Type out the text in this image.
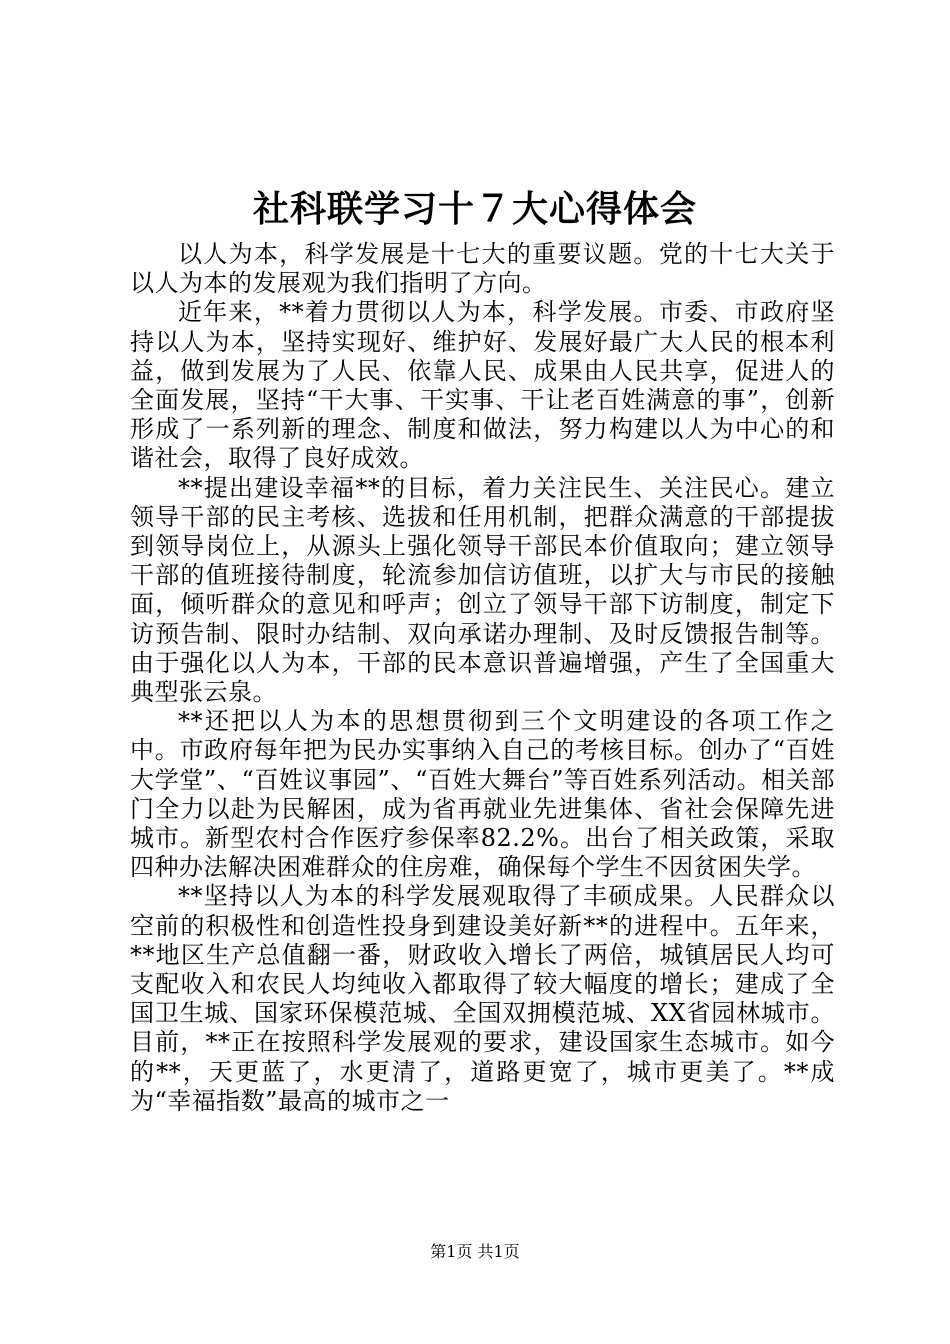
社科联学习十７大心得体会

以人为本，科学发展是十七大的重要议题。党的十七大关于以人为本的发展观为我们指明了方向。

近年来，**着力贯彻以人为本，科学发展。市委、市政府坚持以人为本，坚持实现好、维护好、发展好最广大人民的根本利益，做到发展为了人民、依靠人民、成果由人民共享，促进人的全面发展，坚持“干大事、干实事、干让老百姓满意的事”，创新形成了一系列新的理念、制度和做法，努力构建以人为中心的和谐社会，取得了良好成效。

**提出建设幸福**的目标，着力关注民生、关注民心。建立领导干部的民主考核、选拔和任用机制，把群众满意的干部提拔到领导岗位上，从源头上强化领导干部民本价值取向；建立领导干部的值班接待制度，轮流参加信访值班，以扩大与市民的接触面，倾听群众的意见和呼声；创立了领导干部下访制度，制定下访预告制、限时办结制、双向承诺办理制、及时反馈报告制等。由于强化以人为本，干部的民本意识普遍增强，产生了全国重大典型张云泉。

**还把以人为本的思想贯彻到三个文明建设的各项工作之中。市政府每年把为民办实事纳入自己的考核目标。创办了“百姓大学堂”、“百姓议事园”、“百姓大舞台”等百姓系列活动。相关部门全力以赴为民解困，成为省再就业先进集体、省社会保障先进城市。新型农村合作医疗参保率82.2%。出台了相关政策，采取四种办法解决困难群众的住房难，确保每个学生不因贫困失学。

**坚持以人为本的科学发展观取得了丰硕成果。人民群众以空前的积极性和创造性投身到建设美好新**的进程中。五年来，**地区生产总值翻一番，财政收入增长了两倍，城镇居民人均可支配收入和农民人均纯收入都取得了较大幅度的增长；建成了全国卫生城、国家环保模范城、全国双拥模范城、XX省园林城市。目前，**正在按照科学发展观的要求，建设国家生态城市。如今的**，天更蓝了，水更清了，道路更宽了，城市更美了。**成为“幸福指数”最高的城市之一

第1页 共1页
